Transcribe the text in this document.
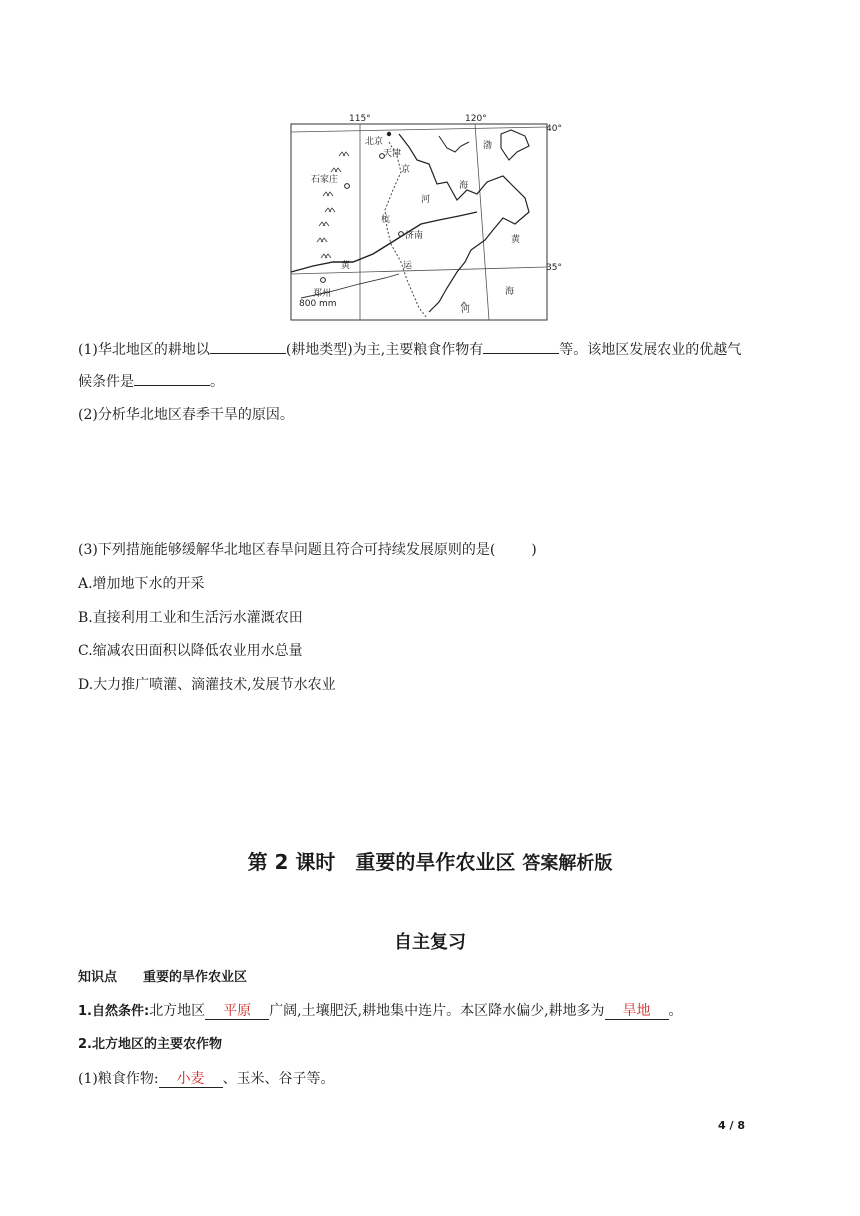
115°	120°
40°
35°
北京
天津
石家庄
济南
郑州
800 mm
京
杭
运
河
渤
海
黄
海
黄
河
(1)华北地区的耕地以	(耕地类型)为主,主要粮食作物有	等。该地区发展农业的优越气
候条件是	。
(2)分析华北地区春季干旱的原因。
(3)下列措施能够缓解华北地区春旱问题且符合可持续发展原则的是(	)
A.增加地下水的开采
B.直接利用工业和生活污水灌溉农田
C.缩减农田面积以降低农业用水总量
D.大力推广喷灌、滴灌技术,发展节水农业
第 2 课时　重要的旱作农业区 答案解析版
自主复习
知识点　　重要的旱作农业区
1.自然条件:北方地区 平原 广阔,土壤肥沃,耕地集中连片。本区降水偏少,耕地多为 旱地 。
2.北方地区的主要农作物
(1)粮食作物: 小麦 、玉米、谷子等。
4 / 8
